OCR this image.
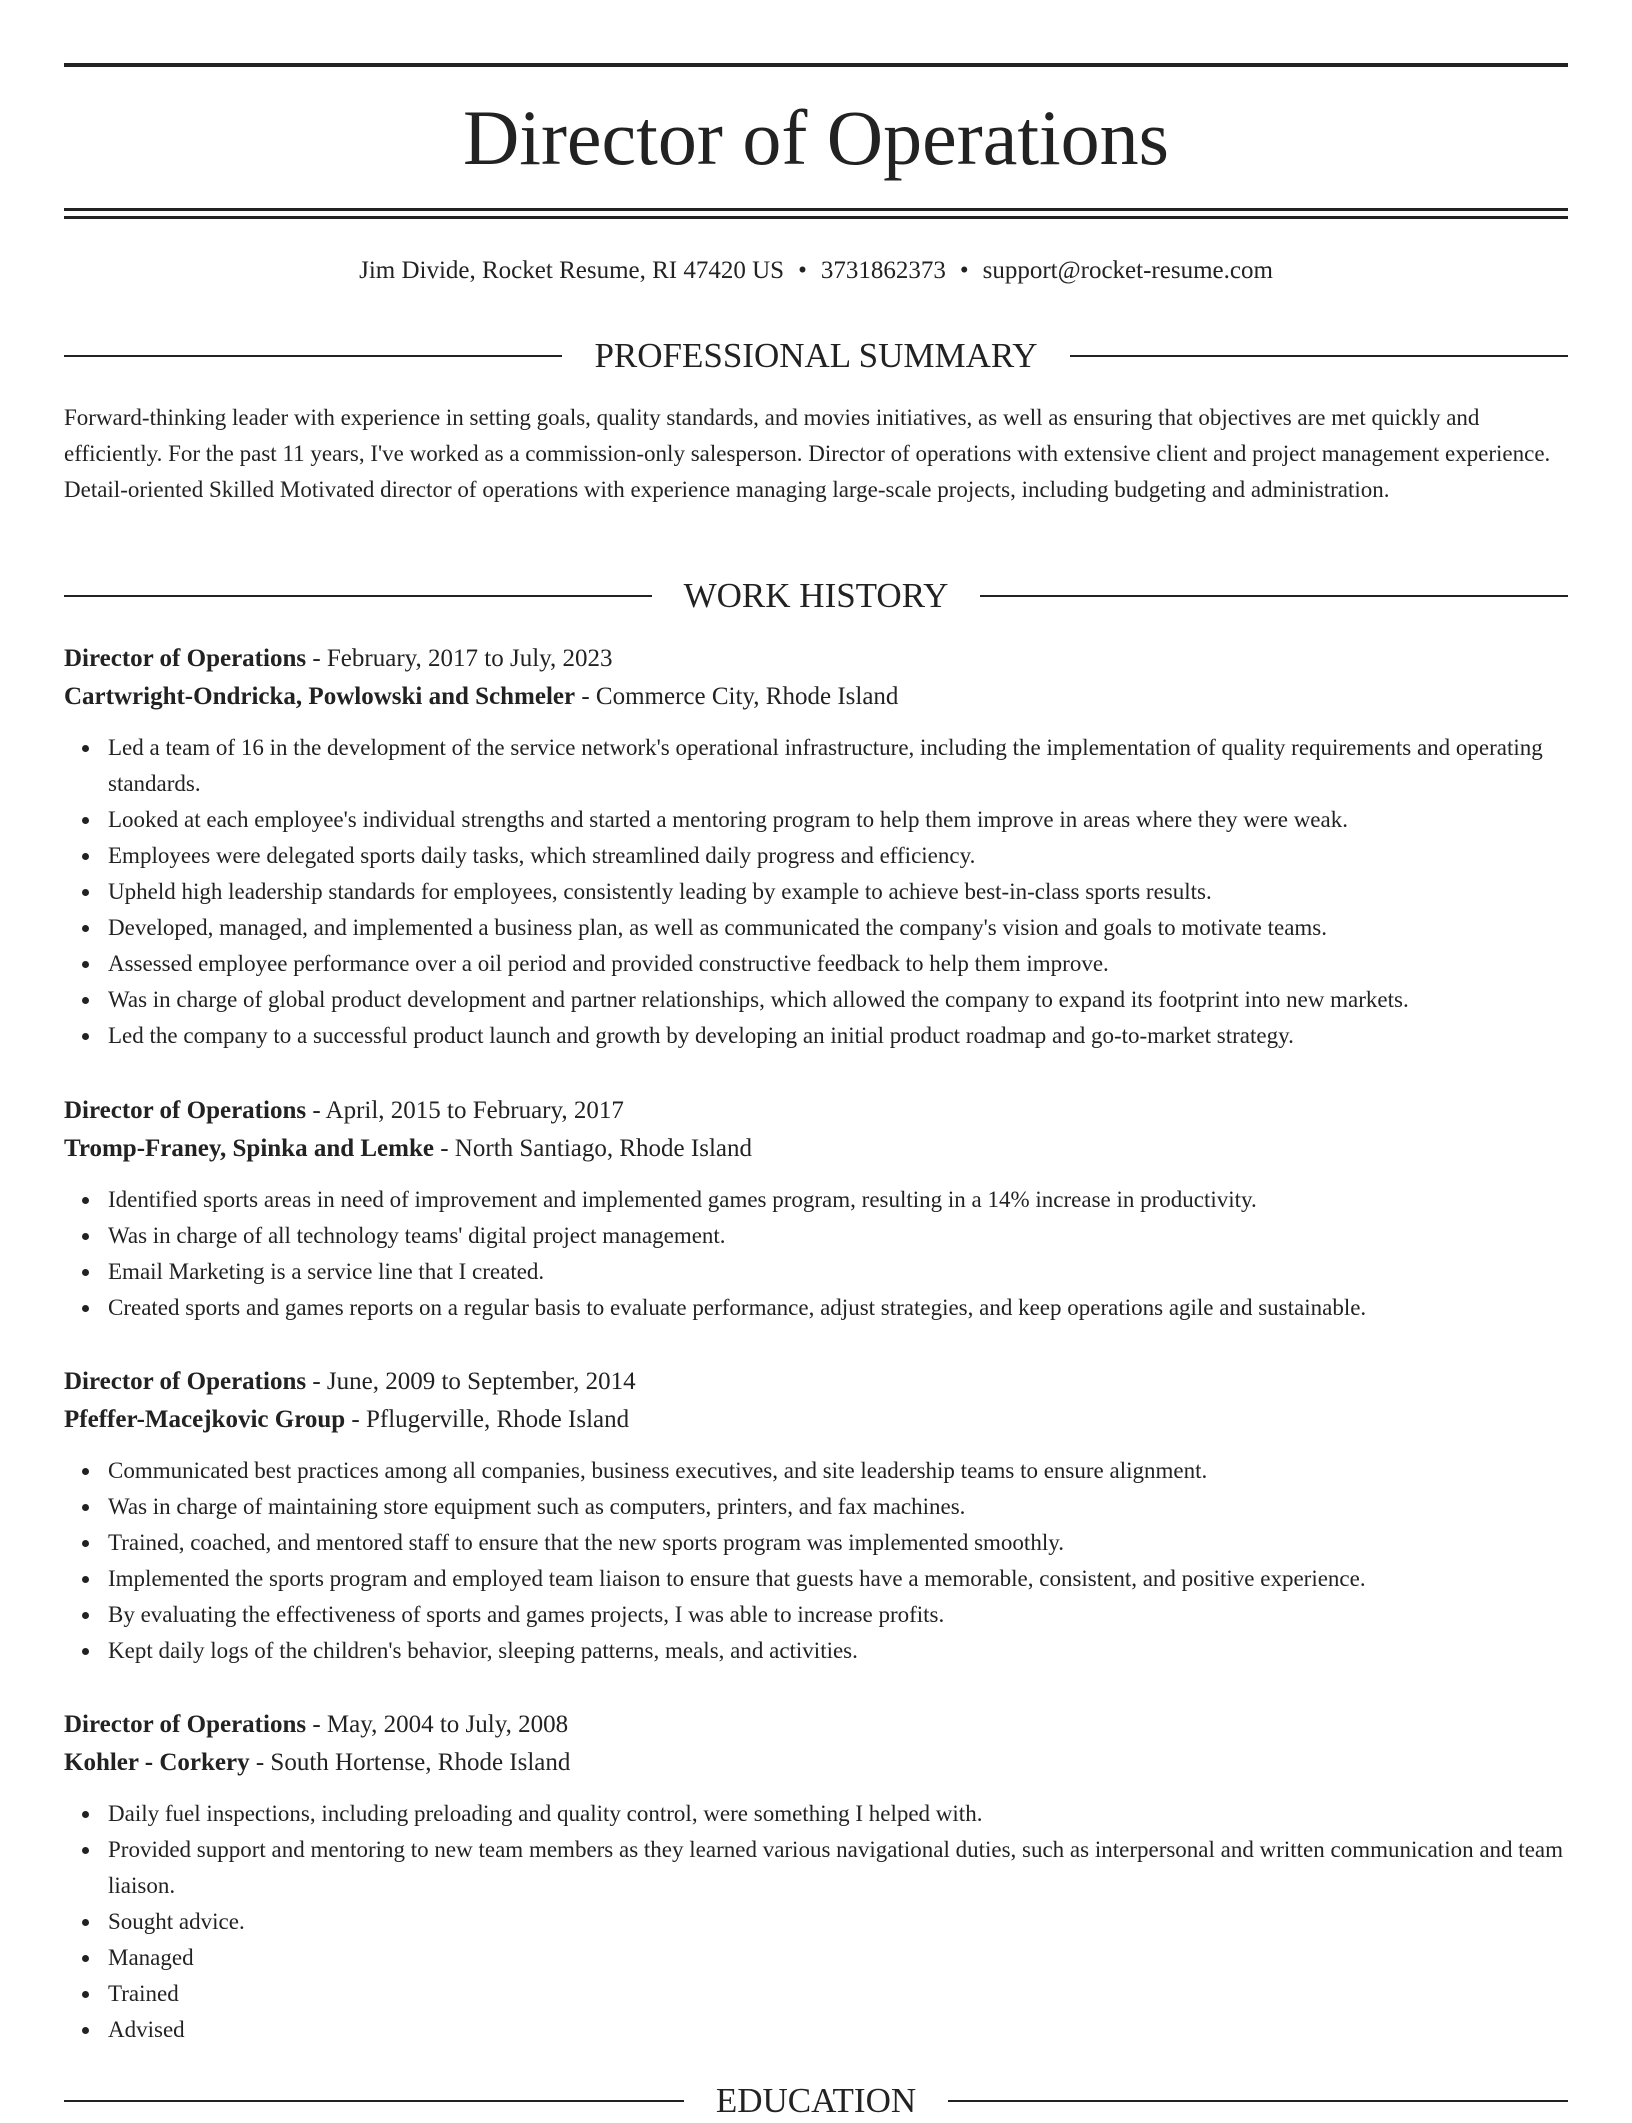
Director of Operations
Jim Divide, Rocket Resume, RI 47420 US • 3731862373 • support@rocket-resume.com
PROFESSIONAL SUMMARY

Forward-thinking leader with experience in setting goals, quality standards, and movies initiatives, as well as ensuring that objectives are met quickly and efficiently. For the past 11 years, I've worked as a commission-only salesperson. Director of operations with extensive client and project management experience. Detail-oriented Skilled Motivated director of operations with experience managing large-scale projects, including budgeting and administration.

WORK HISTORY
Director of Operations - February, 2017 to July, 2023
Cartwright-Ondricka, Powlowski and Schmeler - Commerce City, Rhode Island
Led a team of 16 in the development of the service network's operational infrastructure, including the implementation of quality requirements and operating standards.
Looked at each employee's individual strengths and started a mentoring program to help them improve in areas where they were weak.
Employees were delegated sports daily tasks, which streamlined daily progress and efficiency.
Upheld high leadership standards for employees, consistently leading by example to achieve best-in-class sports results.
Developed, managed, and implemented a business plan, as well as communicated the company's vision and goals to motivate teams.
Assessed employee performance over a oil period and provided constructive feedback to help them improve.
Was in charge of global product development and partner relationships, which allowed the company to expand its footprint into new markets.
Led the company to a successful product launch and growth by developing an initial product roadmap and go-to-market strategy.
Director of Operations - April, 2015 to February, 2017
Tromp-Franey, Spinka and Lemke - North Santiago, Rhode Island
Identified sports areas in need of improvement and implemented games program, resulting in a 14% increase in productivity.
Was in charge of all technology teams' digital project management.
Email Marketing is a service line that I created.
Created sports and games reports on a regular basis to evaluate performance, adjust strategies, and keep operations agile and sustainable.
Director of Operations - June, 2009 to September, 2014
Pfeffer-Macejkovic Group - Pflugerville, Rhode Island
Communicated best practices among all companies, business executives, and site leadership teams to ensure alignment.
Was in charge of maintaining store equipment such as computers, printers, and fax machines.
Trained, coached, and mentored staff to ensure that the new sports program was implemented smoothly.
Implemented the sports program and employed team liaison to ensure that guests have a memorable, consistent, and positive experience.
By evaluating the effectiveness of sports and games projects, I was able to increase profits.
Kept daily logs of the children's behavior, sleeping patterns, meals, and activities.
Director of Operations - May, 2004 to July, 2008
Kohler - Corkery - South Hortense, Rhode Island
Daily fuel inspections, including preloading and quality control, were something I helped with.
Provided support and mentoring to new team members as they learned various navigational duties, such as interpersonal and written communication and team liaison.
Sought advice.
Managed
Trained
Advised
EDUCATION
